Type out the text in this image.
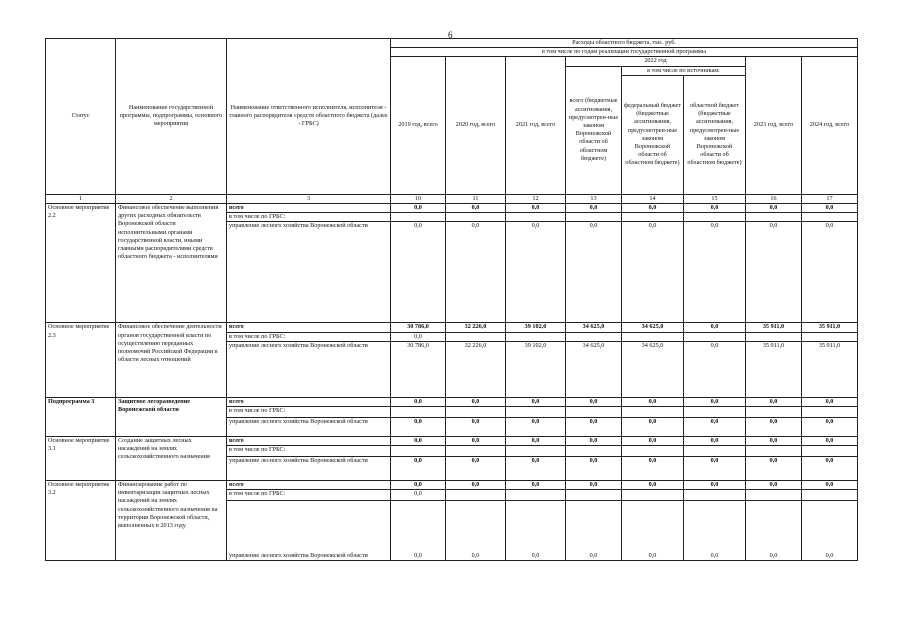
6
Статус	Наименование государственной программы, подпрограммы, основного мероприятия	Наименование ответственного исполнителя, исполнителя - главного распорядителя средств областного бюджета (далее - ГРБС)	Расходы областного бюджета, тыс. руб.							
			в том числе по годам реализации государственной программы							
			2019 год, всего	2020 год, всего	2021 год, всего	2022 год			2023 год, всего	2024 год, всего
						всего (бюджетные ассигнования, предусмотрен-ные законом Воронежской области об областном бюджете)	в том числе по источникам:			
							федеральный бюджет (бюджетные ассигнования, предусмотрен-ные законом Воронежской области об областном бюджете)	областной бюджет (бюджетные ассигнования, предусмотрен-ные законом Воронежской области об областном бюджете)		
1	2	3	10	11	12	13	14	15	16	17
Основное мероприятие 2.2	Финансовое обеспечение выполнения других расходных обязательств Воронежской области исполнительными органами государственной власти, иными главными распорядителями средств областного бюджета - исполнителями	всего	0,0	0,0	0,0	0,0	0,0	0,0	0,0	0,0
		в том числе по ГРБС:								
		управление лесного хозяйства Воронежской области	0,0	0,0	0,0	0,0	0,0	0,0	0,0	0,0
Основное мероприятие 2.3	Финансовое обеспечение деятельности органов государственной власти по осуществлению переданных полномочий Российской Федерации в области лесных отношений	всего	30 786,0	32 226,0	39 102,0	34 625,0	34 625,0	0,0	35 911,0	35 911,0
		в том числе по ГРБС:	0,0							
		управление лесного хозяйства Воронежской области	30 786,0	32 226,0	39 102,0	34 625,0	34 625,0	0,0	35 911,0	35 911,0
Подпрограмма 3	Защитное лесоразведение Воронежской области	всего	0,0	0,0	0,0	0,0	0,0	0,0	0,0	0,0
		в том числе по ГРБС:								
		управление лесного хозяйства Воронежской области	0,0	0,0	0,0	0,0	0,0	0,0	0,0	0,0
Основное мероприятие 3.1	Создание защитных лесных насаждений на землях сельскохозяйственного назначения	всего	0,0	0,0	0,0	0,0	0,0	0,0	0,0	0,0
		в том числе по ГРБС:								
		управление лесного хозяйства Воронежской области	0,0	0,0	0,0	0,0	0,0	0,0	0,0	0,0
Основное мероприятие 3.2	Финансирование работ по инвентаризации защитных лесных насаждений на землях сельскохозяйственного назначения на территории Воронежской области, выполненных в 2013 году	всего	0,0	0,0	0,0	0,0	0,0	0,0	0,0	0,0
		в том числе по ГРБС:	0,0							
		управление лесного хозяйства Воронежской области	0,0	0,0	0,0	0,0	0,0	0,0	0,0	0,0
